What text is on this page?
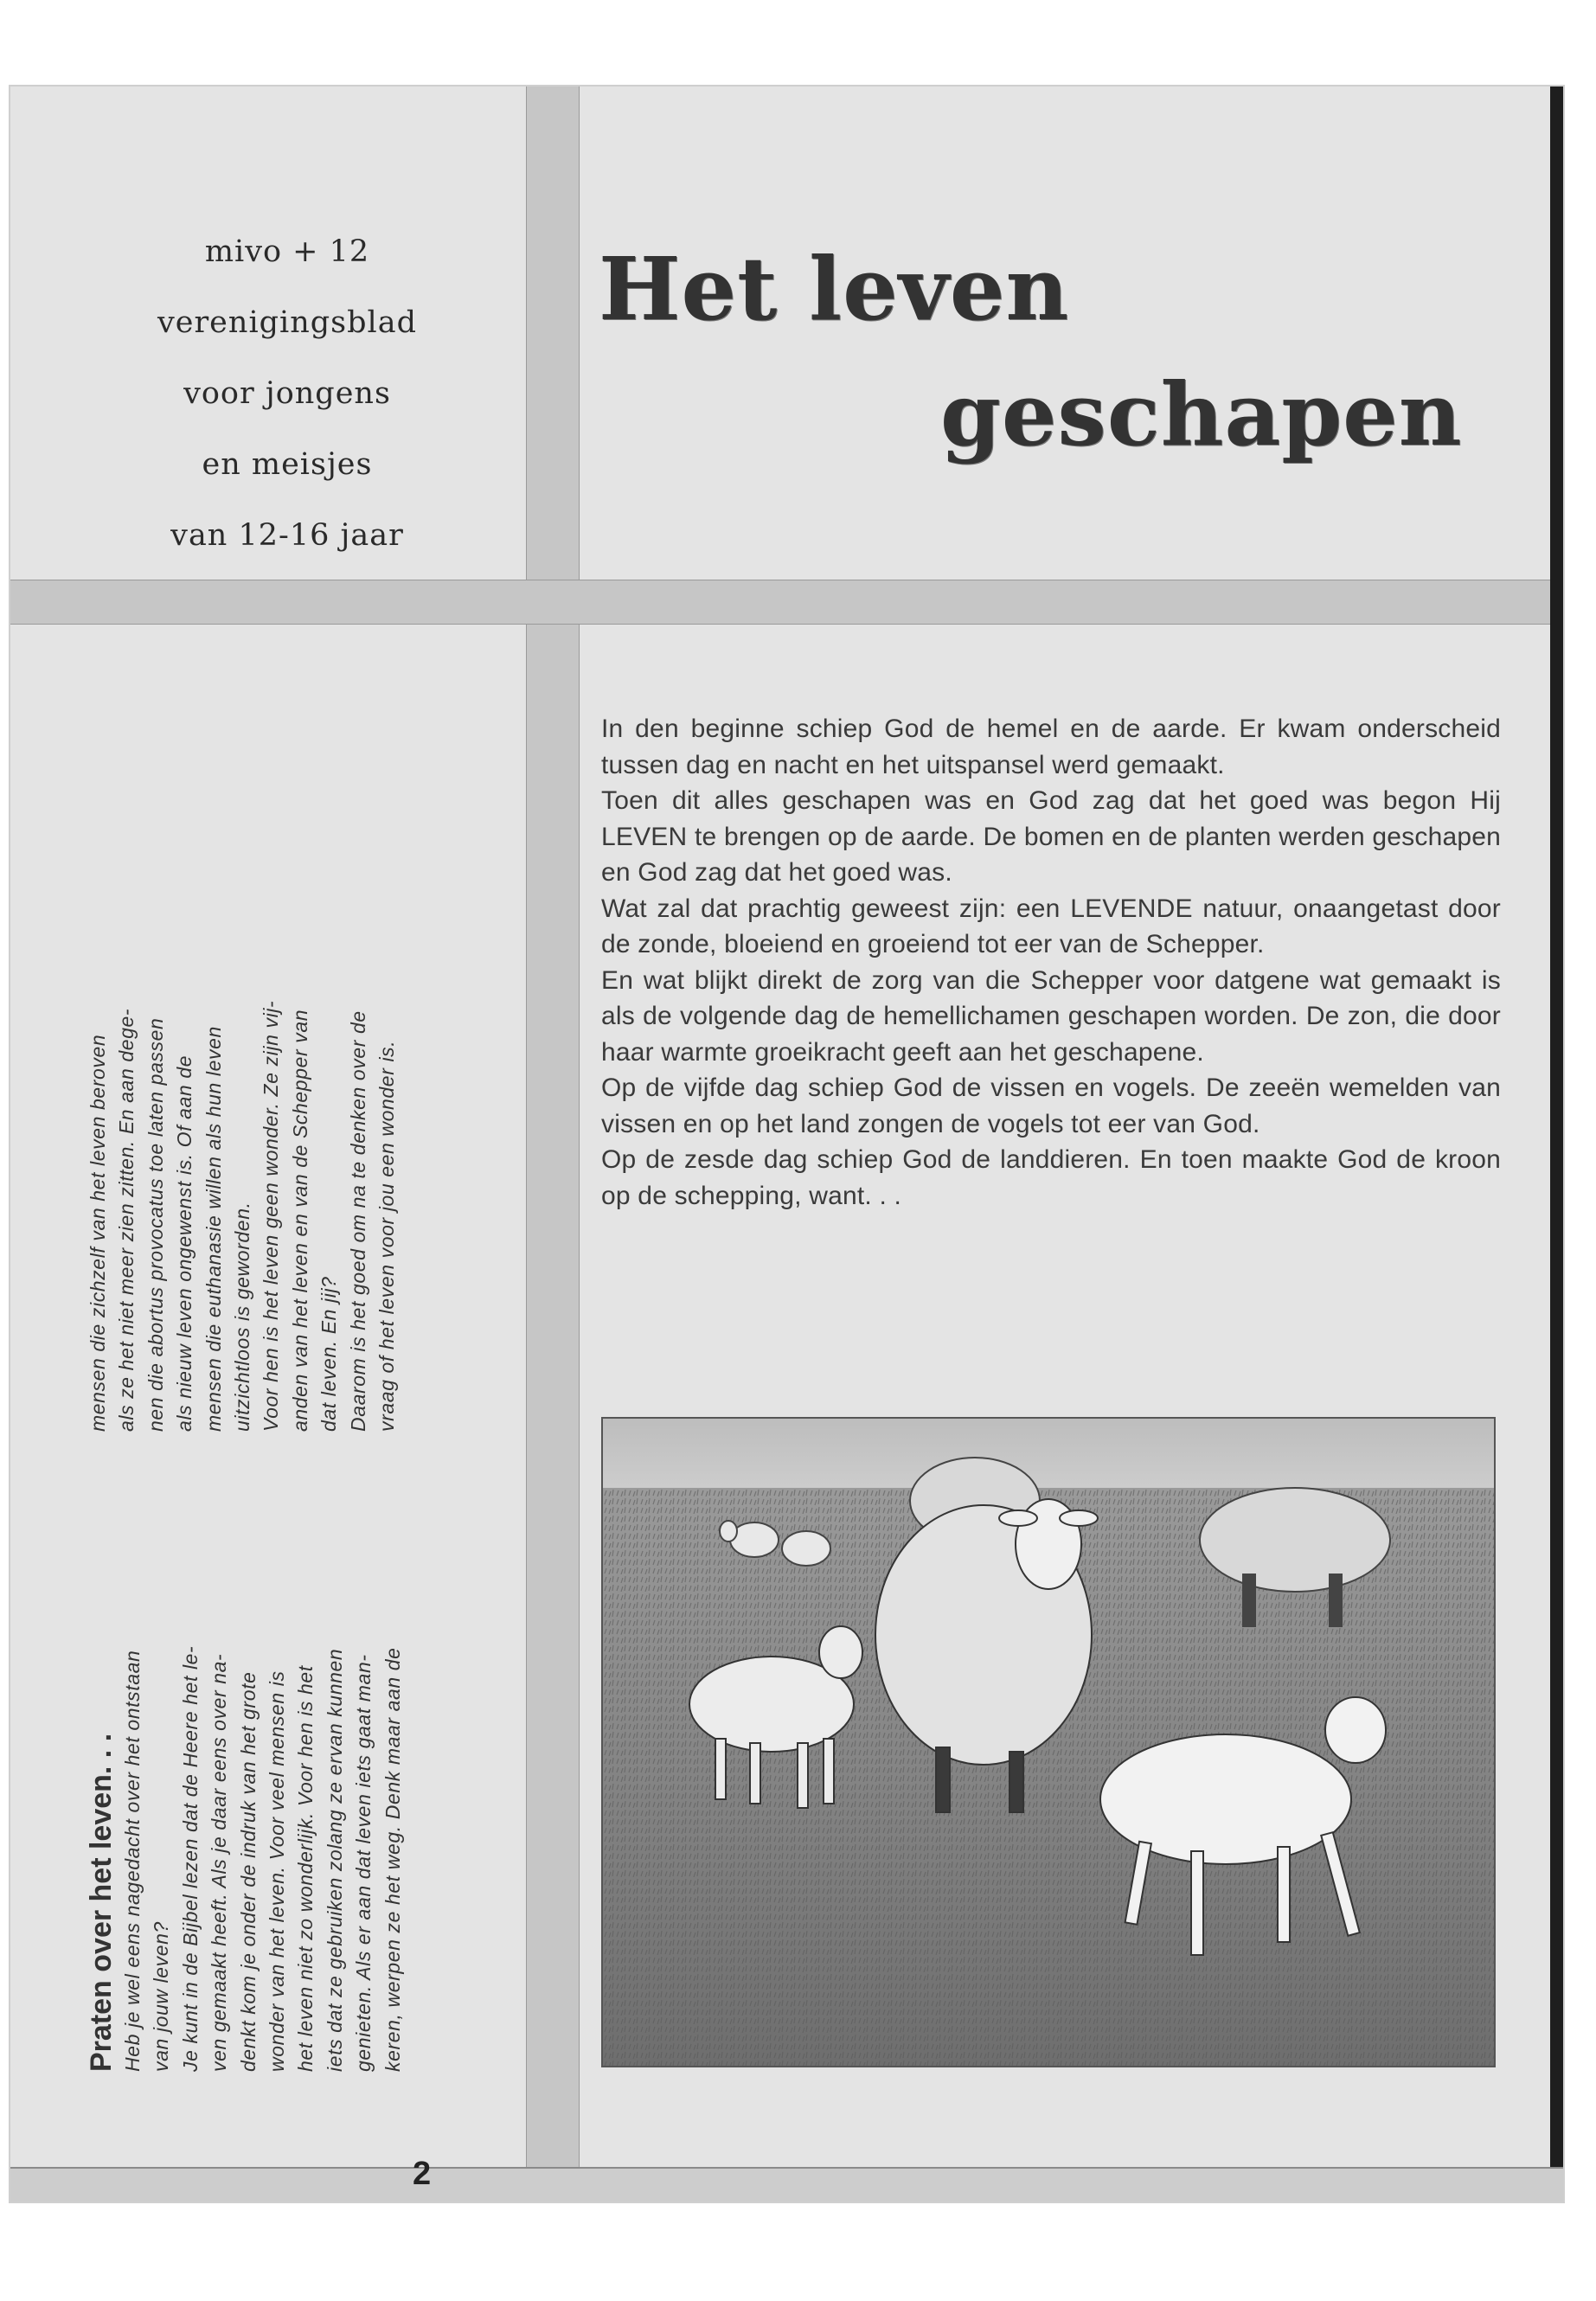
mivo + 12
verenigingsblad
voor jongens
en meisjes
van 12-16 jaar
Het leven
geschapen
Praten over het leven. . . Heb je wel eens nagedacht over het ontstaan van jouw leven? Je kunt in de Bijbel lezen dat de Heere het le- ven gemaakt heeft. Als je daar eens over na- denkt kom je onder de indruk van het grote wonder van het leven. Voor veel mensen is het leven niet zo wonderlijk. Voor hen is het iets dat ze gebruiken zolang ze ervan kunnen genieten. Als er aan dat leven iets gaat man- keren, werpen ze het weg. Denk maar aan de

mensen die zichzelf van het leven beroven als ze het niet meer zien zitten. En aan dege- nen die abortus provocatus toe laten passen als nieuw leven ongewenst is. Of aan de mensen die euthanasie willen als hun leven uitzichtloos is geworden. Voor hen is het leven geen wonder. Ze zijn vij- anden van het leven en van de Schepper van dat leven. En jij? Daarom is het goed om na te denken over de vraag of het leven voor jou een wonder is.

2

In den beginne schiep God de hemel en de aarde. Er kwam onderscheid tussen dag en nacht en het uitspansel werd gemaakt.

Toen dit alles geschapen was en God zag dat het goed was begon Hij LEVEN te brengen op de aarde. De bomen en de planten werden geschapen en God zag dat het goed was.

Wat zal dat prachtig geweest zijn: een LEVENDE natuur, onaangetast door de zonde, bloeiend en groeiend tot eer van de Schepper.

En wat blijkt direkt de zorg van die Schepper voor datgene wat gemaakt is als de volgende dag de hemellichamen geschapen worden. De zon, die door haar warmte groeikracht geeft aan het geschapene.

Op de vijfde dag schiep God de vissen en vogels. De zeeën wemelden van vissen en op het land zongen de vogels tot eer van God.

Op de zesde dag schiep God de landdieren. En toen maakte God de kroon op de schepping, want. . .
